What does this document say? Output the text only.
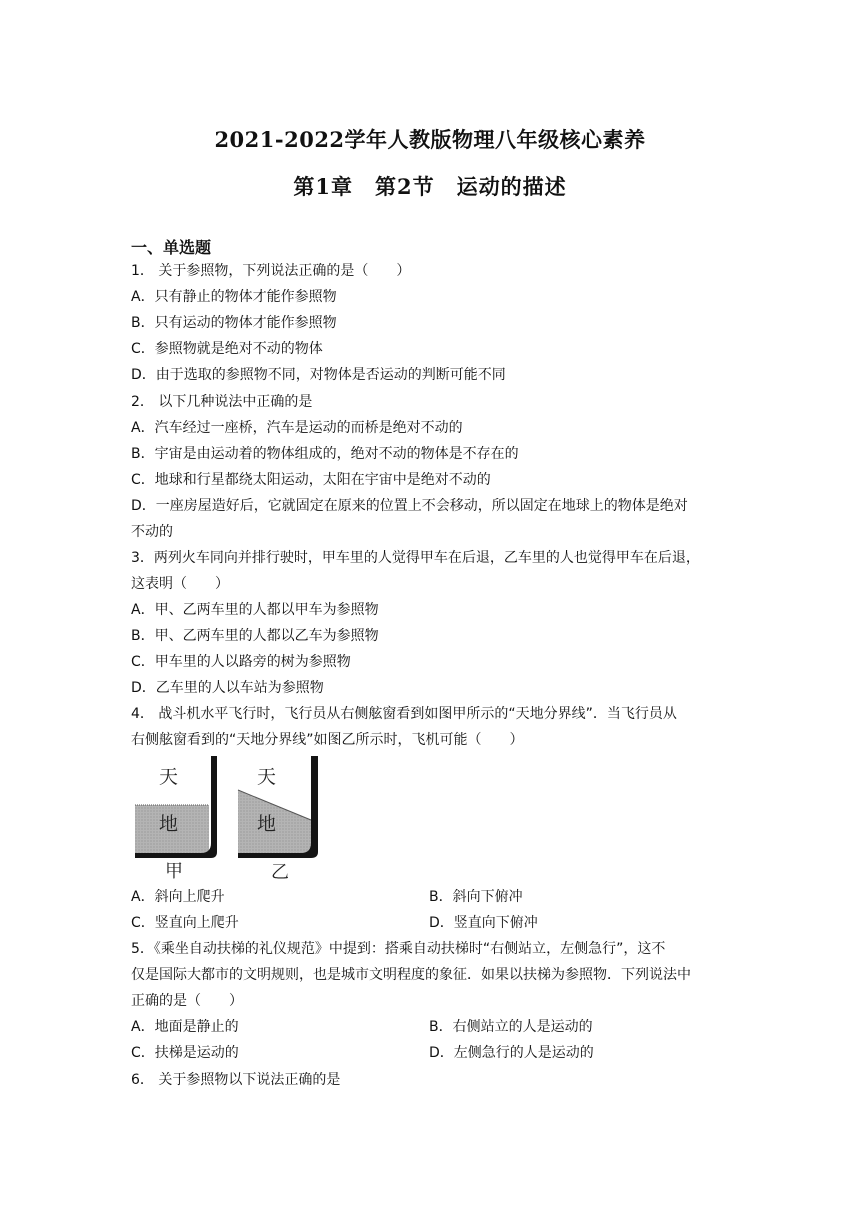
2021-2022学年人教版物理八年级核心素养
第1章　第2节　运动的描述
一、单选题
1． 关于参照物，下列说法正确的是（　　）
A．只有静止的物体才能作参照物
B．只有运动的物体才能作参照物
C．参照物就是绝对不动的物体
D．由于选取的参照物不同，对物体是否运动的判断可能不同
2． 以下几种说法中正确的是
A．汽车经过一座桥，汽车是运动的而桥是绝对不动的
B．宇宙是由运动着的物体组成的，绝对不动的物体是不存在的
C．地球和行星都绕太阳运动，太阳在宇宙中是绝对不动的
D．一座房屋造好后，它就固定在原来的位置上不会移动，所以固定在地球上的物体是绝对
不动的
3．两列火车同向并排行驶时，甲车里的人觉得甲车在后退，乙车里的人也觉得甲车在后退，
这表明（　　）
A．甲、乙两车里的人都以甲车为参照物
B．甲、乙两车里的人都以乙车为参照物
C．甲车里的人以路旁的树为参照物
D．乙车里的人以车站为参照物
4． 战斗机水平飞行时，飞行员从右侧舷窗看到如图甲所示的“天地分界线”．当飞行员从
右侧舷窗看到的“天地分界线”如图乙所示时，飞机可能（　　）
天
地
甲
天
地
乙
A．斜向上爬升	B．斜向下俯冲
C．竖直向上爬升	D．竖直向下俯冲
5．《乘坐自动扶梯的礼仪规范》中提到：搭乘自动扶梯时“右侧站立，左侧急行”，这不
仅是国际大都市的文明规则，也是城市文明程度的象征．如果以扶梯为参照物．下列说法中
正确的是（　　）
A．地面是静止的	B．右侧站立的人是运动的
C．扶梯是运动的	D．左侧急行的人是运动的
6． 关于参照物以下说法正确的是
